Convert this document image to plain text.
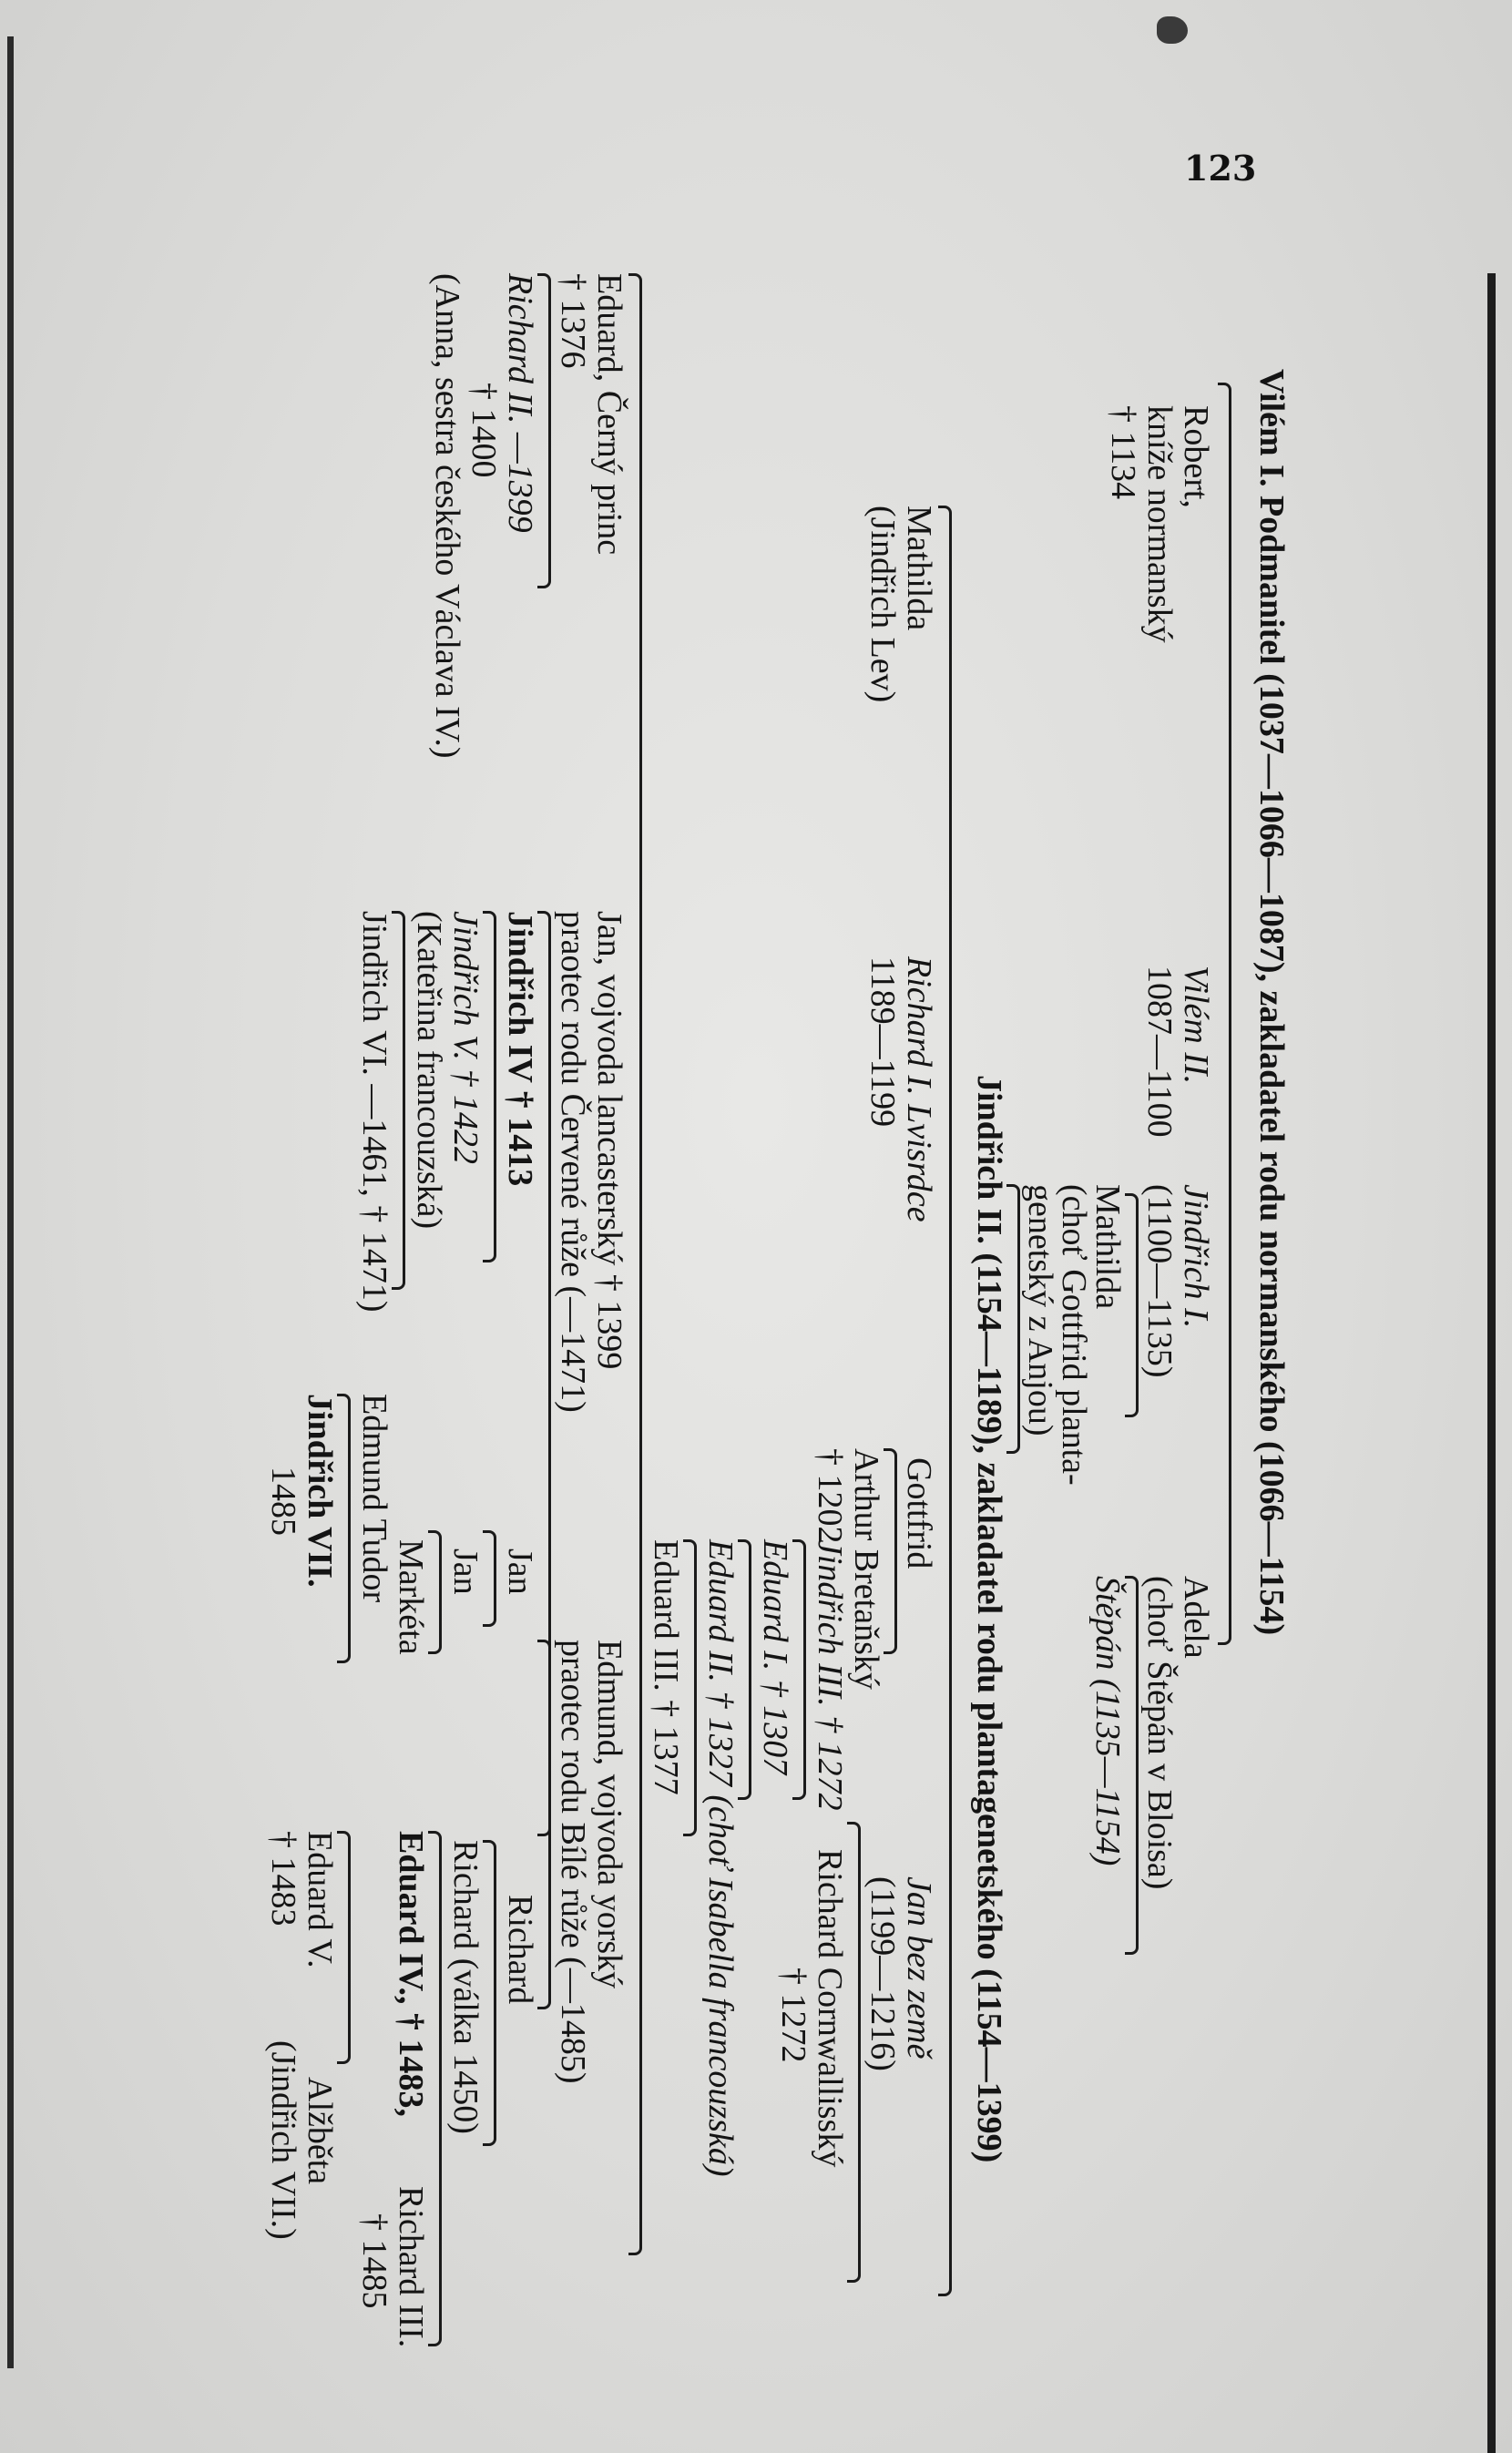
123
Vilém I. Podmanitel (1037—1066—1087), zakladatel rodu normanského (1066—1154)
Robert,
kníže normanský
† 1134
Vilém II.
1087—1100
Jindřich I.
(1100—1135)
Adela
(choť Štěpán v Bloisa)
Mathilda
(choť Gottfrid planta-
genetský z Anjou)
Štěpán (1135—1154)
Jindřich II. (1154—1189), zakladatel rodu plantagenetského (1154—1399)
Mathilda
(Jindřich Lev)
Richard I. Lvisrdce
1189—1199
Gottfrid
Arthur Bretaňský
† 1202
Jan bez země
(1199—1216)
Jindřich III. † 1272
Richard Cornwallisský
† 1272
Eduard I. † 1307
Eduard II. † 1327 (choť Isabella francouzská)
Eduard III. † 1377
Eduard, Černý princ
† 1376
Jan, vojvoda lancasterský † 1399
praotec rodu Červené růže (—1471)
Edmund, vojvoda yorský
praotec rodu Bílé růže (—1485)
Richard II. —1399
† 1400
(Anna, sestra českého Václava IV.)
Jindřich IV † 1413
Jan
Richard
Jindřich V. † 1422
(Kateřina francouzská)
Jan
Richard (válka 1450)
Jindřich VI. —1461, † 1471)
Markéta
Edmund Tudor
Eduard IV., † 1483,
Richard III.
† 1485
Jindřich VII.
1485
Eduard V.
† 1483
Alžběta
(Jindřich VII.)
